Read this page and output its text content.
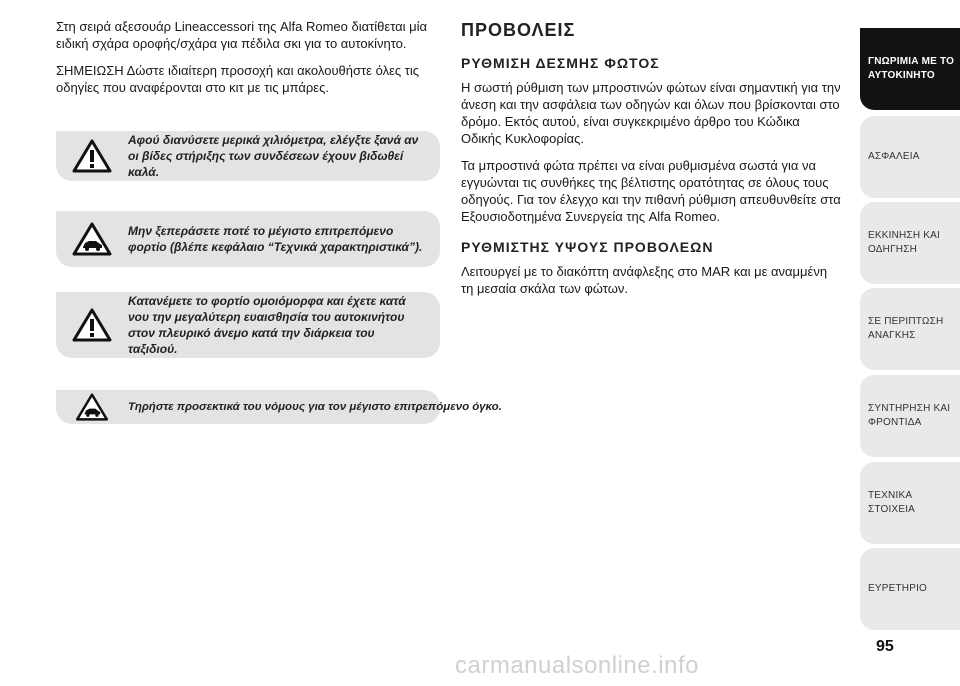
Στη σειρά αξεσουάρ Lineaccessori της Alfa Romeo διατίθεται μία ειδική σχάρα οροφής/σχάρα για πέδιλα σκι για το αυτοκίνητο.

ΣΗΜΕΙΩΣΗ Δώστε ιδιαίτερη προσοχή και ακολουθήστε όλες τις οδηγίες που αναφέρονται στο κιτ με τις μπάρες.

Αφού διανύσετε μερικά χιλιόμετρα, ελέγξτε ξανά αν οι βίδες στήριξης των συνδέσεων έχουν βιδωθεί καλά.
Μην ξεπεράσετε ποτέ το μέγιστο επιτρεπόμενο φορτίο (βλέπε κεφάλαιο “Τεχνικά χαρακτηριστικά”).
Κατανέμετε το φορτίο ομοιόμορφα και έχετε κατά νου την μεγαλύτερη ευαισθησία του αυτοκινήτου στον πλευρικό άνεμο κατά την διάρκεια του ταξιδιού.
Τηρήστε προσεκτικά του νόμους για τον μέγιστο επιτρεπόμενο όγκο.
ΠΡΟΒΟΛΕΙΣ
ΡΥΘΜΙΣΗ ΔΕΣΜΗΣ ΦΩΤΟΣ

Η σωστή ρύθμιση των μπροστινών φώτων είναι σημαντική για την άνεση και την ασφάλεια των οδηγών και όλων που βρίσκονται στο δρόμο. Εκτός αυτού, είναι συγκεκριμένο άρθρο του Κώδικα Οδικής Κυκλοφορίας.

Τα μπροστινά φώτα πρέπει να είναι ρυθμισμένα σωστά για να εγγυώνται τις συνθήκες της βέλτιστης ορατότητας σε όλους τους οδηγούς. Για τον έλεγχο και την πιθανή ρύθμιση απευθυνθείτε στα Εξουσιοδοτημένα Συνεργεία της Alfa Romeo.

ΡΥΘΜΙΣΤΗΣ ΥΨΟΥΣ ΠΡΟΒΟΛΕΩΝ

Λειτουργεί με το διακόπτη ανάφλεξης στο MAR και με αναμμένη τη μεσαία σκάλα των φώτων.

ΓΝΩΡΙΜΙΑ ΜΕ ΤΟ
ΑΥΤΟΚΙΝΗΤΟ
ΑΣΦΑΛΕΙΑ
ΕΚΚΙΝΗΣΗ ΚΑΙ
ΟΔΗΓΗΣΗ
ΣΕ ΠΕΡΙΠΤΩΣΗ
ΑΝΑΓΚΗΣ
ΣΥΝΤΗΡΗΣΗ ΚΑΙ
ΦΡΟΝΤΙΔΑ
ΤΕΧΝΙΚΑ ΣΤΟΙΧΕΙΑ
ΕΥΡΕΤΗΡΙΟ
95
carmanualsonline.info
